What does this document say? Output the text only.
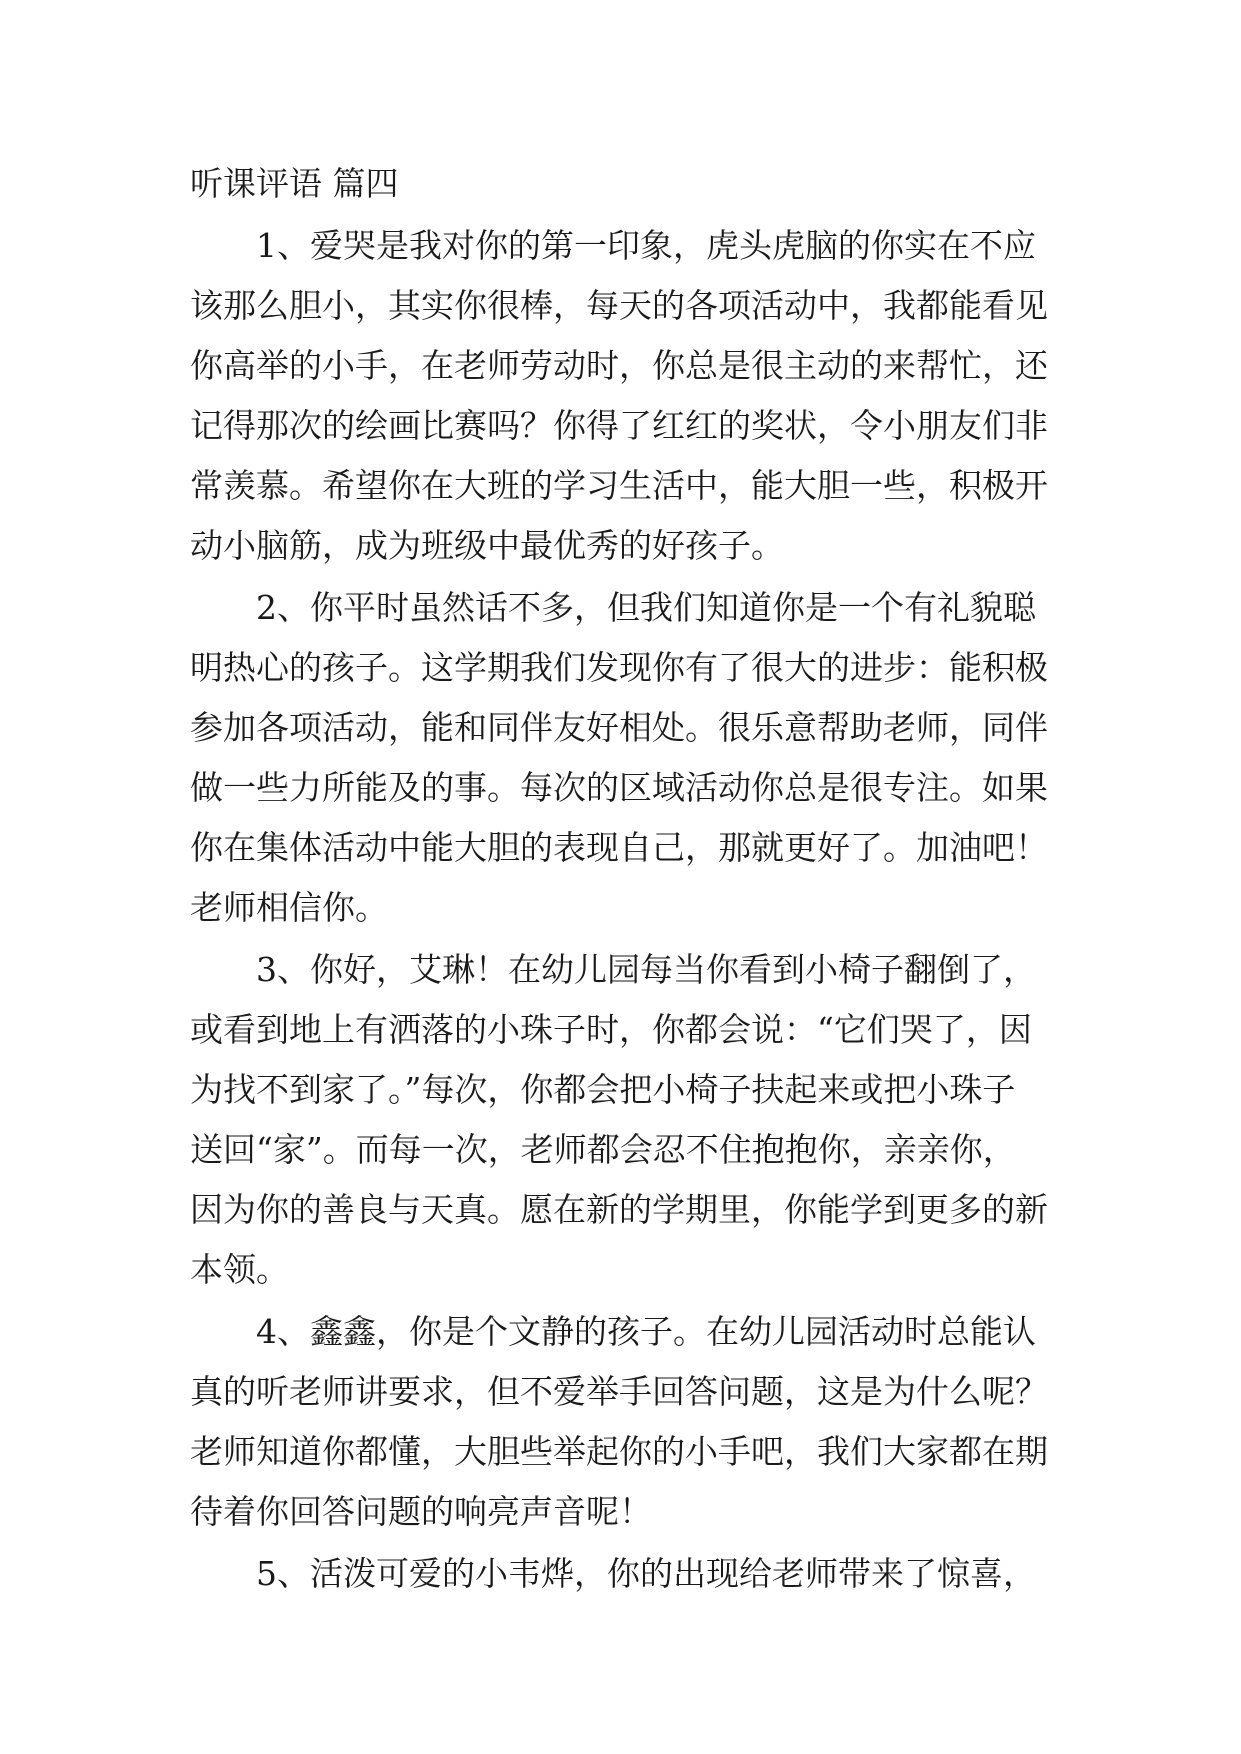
听课评语 篇四
1、爱哭是我对你的第一印象，虎头虎脑的你实在不应
该那么胆小，其实你很棒，每天的各项活动中，我都能看见
你高举的小手，在老师劳动时，你总是很主动的来帮忙，还
记得那次的绘画比赛吗？你得了红红的奖状，令小朋友们非
常羡慕。希望你在大班的学习生活中，能大胆一些，积极开
动小脑筋，成为班级中最优秀的好孩子。
2、你平时虽然话不多，但我们知道你是一个有礼貌聪
明热心的孩子。这学期我们发现你有了很大的进步：能积极
参加各项活动，能和同伴友好相处。很乐意帮助老师，同伴
做一些力所能及的事。每次的区域活动你总是很专注。如果
你在集体活动中能大胆的表现自己，那就更好了。加油吧！
老师相信你。
3、你好，艾琳！在幼儿园每当你看到小椅子翻倒了，
或看到地上有洒落的小珠子时，你都会说：“它们哭了，因
为找不到家了。”每次，你都会把小椅子扶起来或把小珠子
送回“家”。而每一次，老师都会忍不住抱抱你，亲亲你，
因为你的善良与天真。愿在新的学期里，你能学到更多的新
本领。
4、鑫鑫，你是个文静的孩子。在幼儿园活动时总能认
真的听老师讲要求，但不爱举手回答问题，这是为什么呢？
老师知道你都懂，大胆些举起你的小手吧，我们大家都在期
待着你回答问题的响亮声音呢！
5、活泼可爱的小韦烨，你的出现给老师带来了惊喜，
